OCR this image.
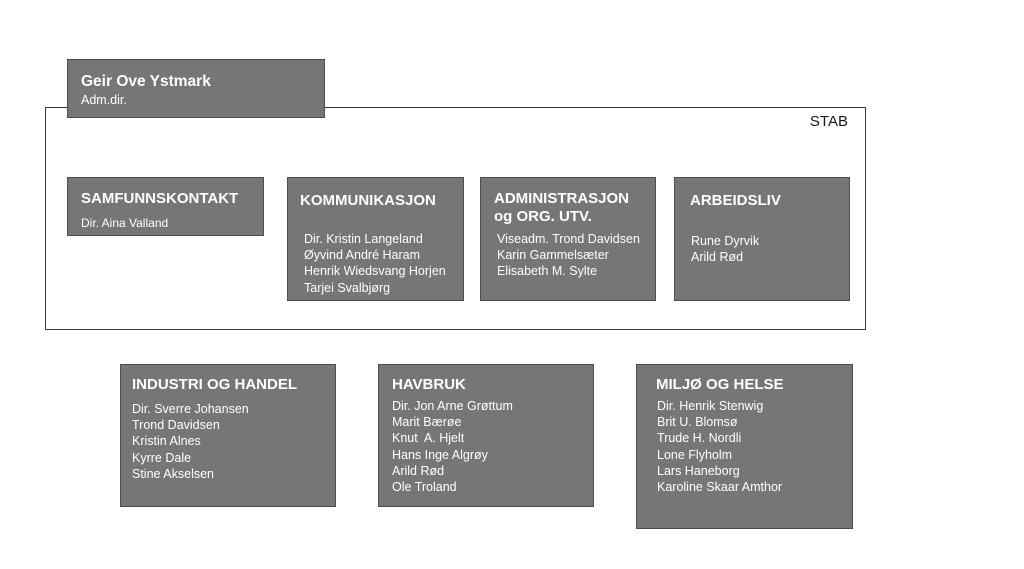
STAB
Geir Ove Ystmark
Adm.dir.
SAMFUNNSKONTAKT
Dir. Aina Valland
KOMMUNIKASJON
Dir. Kristin Langeland
Øyvind André Haram
Henrik Wiedsvang Horjen
Tarjei Svalbjørg
ADMINISTRASJON
og ORG. UTV.
Viseadm. Trond Davidsen
Karin Gammelsæter
Elisabeth M. Sylte
ARBEIDSLIV
Rune Dyrvik
Arild Rød
INDUSTRI OG HANDEL
Dir. Sverre Johansen
Trond Davidsen
Kristin Alnes
Kyrre Dale
Stine Akselsen
HAVBRUK
Dir. Jon Arne Grøttum
Marit Bærøe
Knut  A. Hjelt
Hans Inge Algrøy
Arild Rød
Ole Troland
MILJØ OG HELSE
Dir. Henrik Stenwig
Brit U. Blomsø
Trude H. Nordli
Lone Flyholm
Lars Haneborg
Karoline Skaar Amthor
